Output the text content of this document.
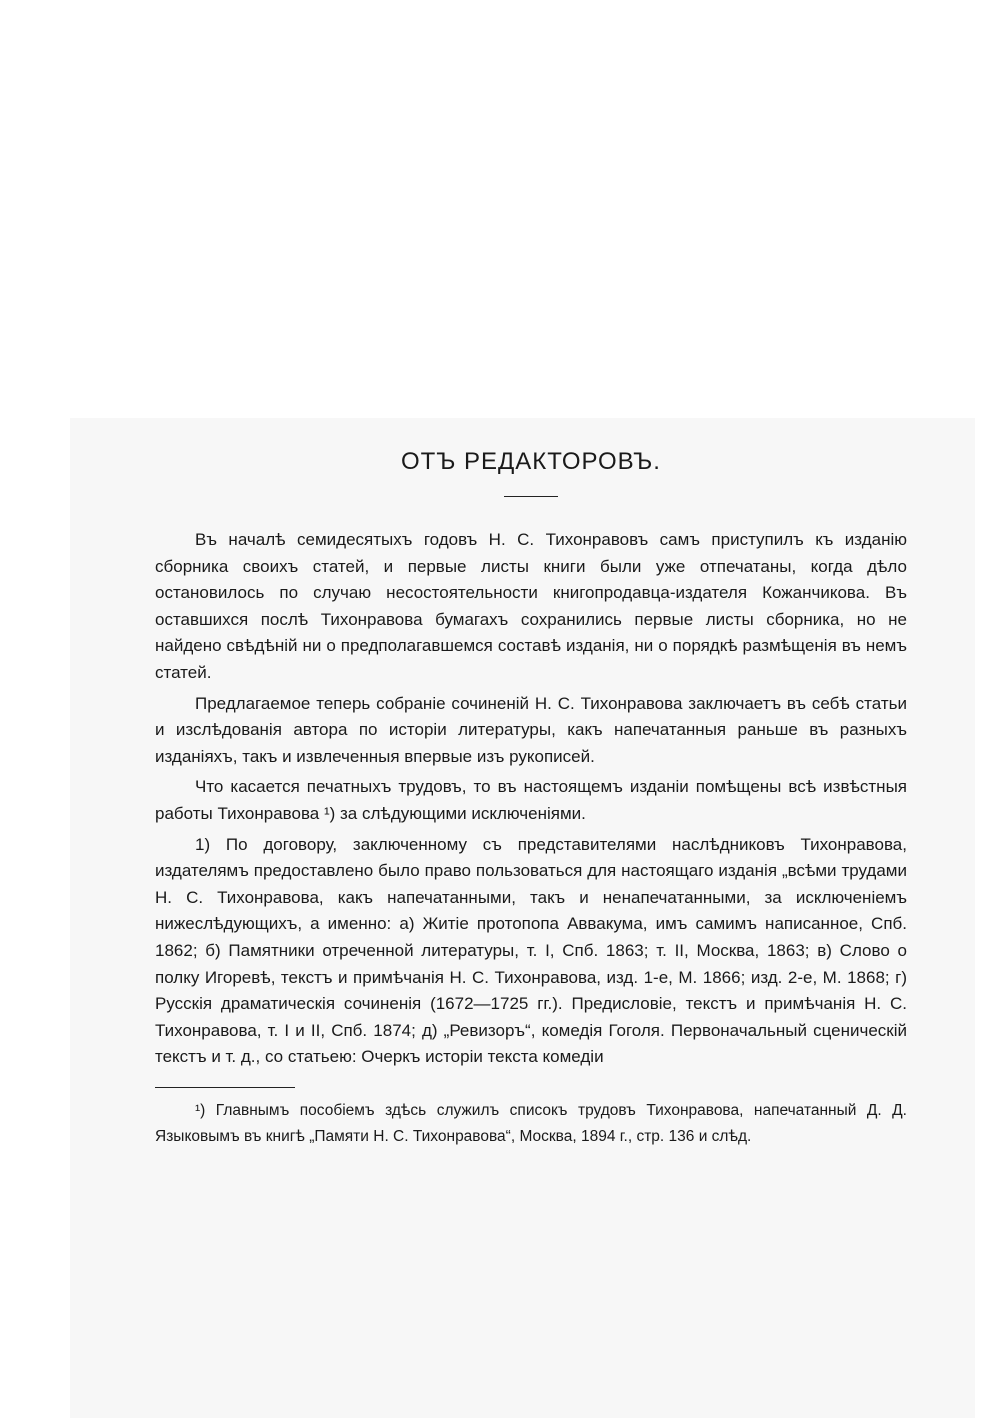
ОТЪ РЕДАКТОРОВЪ.

Въ началѣ семидесятыхъ годовъ Н. С. Тихонравовъ самъ приступилъ къ изданію сборника своихъ статей, и первые листы книги были уже отпечатаны, когда дѣло остановилось по случаю несостоятельности книгопродавца-издателя Кожанчикова. Въ оставшихся послѣ Тихонравова бумагахъ сохранились первые листы сборника, но не найдено свѣдѣній ни о предполагавшемся составѣ изданія, ни о порядкѣ размѣщенія въ немъ статей.

Предлагаемое теперь собраніе сочиненій Н. С. Тихонравова заключаетъ въ себѣ статьи и изслѣдованія автора по исторіи литературы, какъ напечатанныя раньше въ разныхъ изданіяхъ, такъ и извлеченныя впервые изъ рукописей.

Что касается печатныхъ трудовъ, то въ настоящемъ изданіи помѣщены всѣ извѣстныя работы Тихонравова ¹) за слѣдующими исключеніями.

1) По договору, заключенному съ представителями наслѣдниковъ Тихонравова, издателямъ предоставлено было право пользоваться для настоящаго изданія „всѣми трудами Н. С. Тихонравова, какъ напечатанными, такъ и ненапечатанными, за исключеніемъ нижеслѣдующихъ, а именно: а) Житіе протопопа Аввакума, имъ самимъ написанное, Спб. 1862; б) Памятники отреченной литературы, т. I, Спб. 1863; т. II, Москва, 1863; в) Слово о полку Игоревѣ, текстъ и примѣчанія Н. С. Тихонравова, изд. 1-е, М. 1866; изд. 2-е, М. 1868; г) Русскія драматическія сочиненія (1672—1725 гг.). Предисловіе, текстъ и примѣчанія Н. С. Тихонравова, т. I и II, Спб. 1874; д) „Ревизоръ“, комедія Гоголя. Первоначальный сценическій текстъ и т. д., со статьею: Очеркъ исторіи текста комедіи

¹) Главнымъ пособіемъ здѣсь служилъ списокъ трудовъ Тихонравова, напечатанный Д. Д. Языковымъ въ книгѣ „Памяти Н. С. Тихонравова“, Москва, 1894 г., стр. 136 и слѣд.
